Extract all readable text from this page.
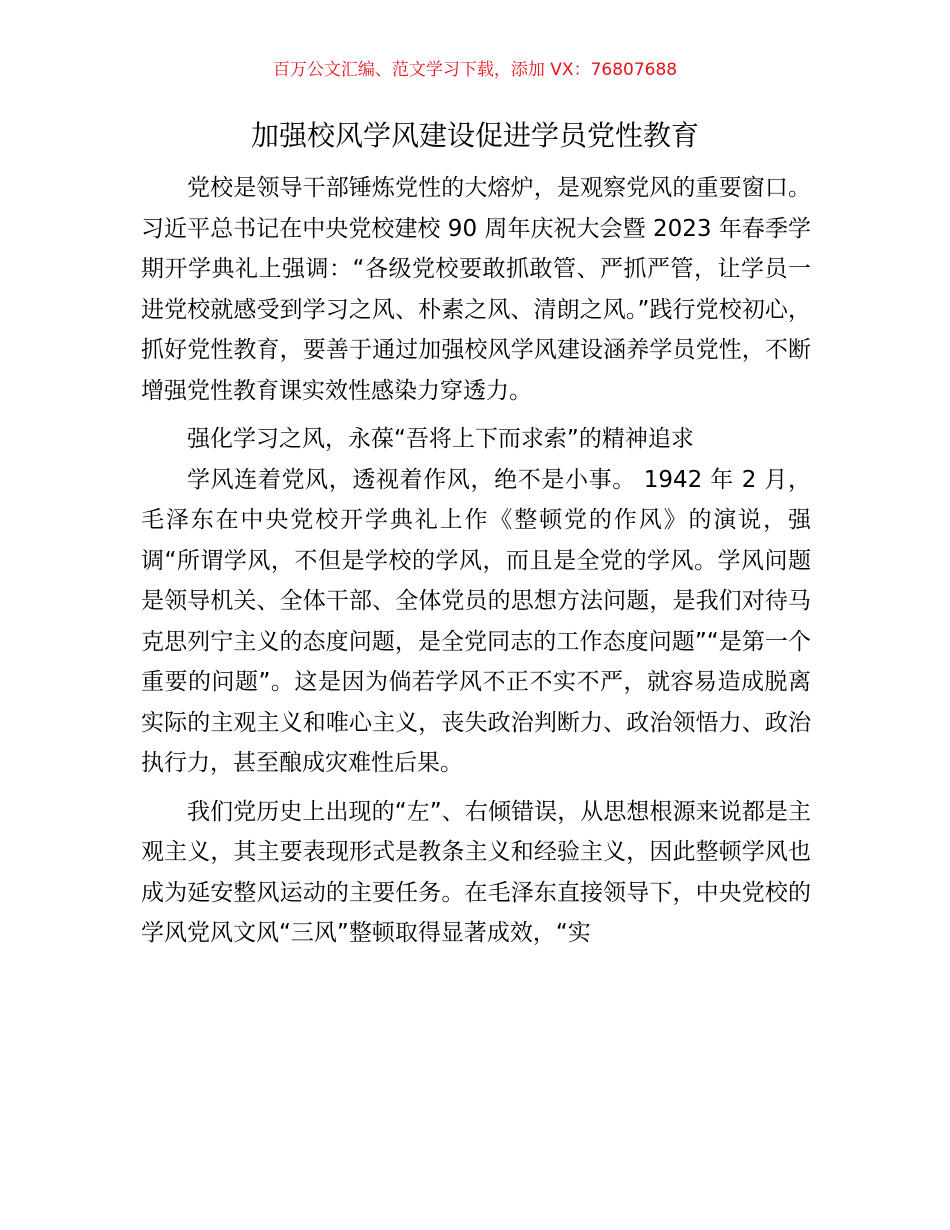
百万公文汇编、范文学习下载，添加 VX：76807688
加强校风学风建设促进学员党性教育

党校是领导干部锤炼党性的大熔炉，是观察党风的重要窗口。习近平总书记在中央党校建校 90 周年庆祝大会暨 2023 年春季学期开学典礼上强调：“各级党校要敢抓敢管、严抓严管，让学员一进党校就感受到学习之风、朴素之风、清朗之风。”践行党校初心，抓好党性教育，要善于通过加强校风学风建设涵养学员党性，不断增强党性教育课实效性感染力穿透力。

强化学习之风，永葆“吾将上下而求索”的精神追求

学风连着党风，透视着作风，绝不是小事。 1942 年 2 月，毛泽东在中央党校开学典礼上作《整顿党的作风》的演说，强调“所谓学风，不但是学校的学风，而且是全党的学风。学风问题是领导机关、全体干部、全体党员的思想方法问题，是我们对待马克思列宁主义的态度问题，是全党同志的工作态度问题”“是第一个重要的问题”。这是因为倘若学风不正不实不严，就容易造成脱离实际的主观主义和唯心主义，丧失政治判断力、政治领悟力、政治执行力，甚至酿成灾难性后果。

我们党历史上出现的“左”、右倾错误，从思想根源来说都是主观主义，其主要表现形式是教条主义和经验主义，因此整顿学风也成为延安整风运动的主要任务。在毛泽东直接领导下，中央党校的学风党风文风“三风”整顿取得显著成效，“实
